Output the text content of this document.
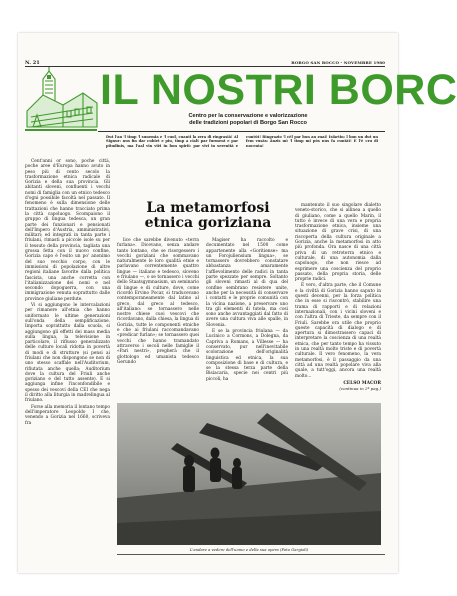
N. 21	BORGO SAN ROCCO - NOVEMBRE 1980
IL NOSTRI BORC
Centro per la conservazione e valorizzazione
delle tradizioni popolari di Borgo San Rocco
Dut l'an 'l timp 'l sunemia e 'l cuol, cuanti la zera di ringrasià! Al Signur: nus fin dar cubiet e piu, timp a cialt par furment e par pitudinis, ma l'aal vin vièi in bon spirit: par vivi in serenità e cuntùt! Ringrazio 'l cèl par bon an zuai! Isiàrtin: l bon un dut un fem vusàs: ânzis mì 'l timp mi pòs nus fa cuntàt! E l'è cru di nocenta!

Cent'anni or sono, poche città, poche aree d'Europa hanno avuto in peso più di cento secolo la trasformazione etnica radicale di Gorizia e della sua provincia. Gli abitanti sloveni, confluenti i vecchi nomi di famiglia con un etnico tedesco d'ogni possibile facoltà nel passato. Il fenomeno è sulla dimensione delle trattazioni che hanno tracciato prima la città capoluogo. Scompaiono il gruppo di lingua tedesca, un gran parte dei funzionari e pensionati dell'Impero d'Austria, amministrativi, militari; ed integrati in tanta parte i friulani, rimasti a piccole isole su per il tessuto della provincia, tagliata una grossa fetta con il nuovo confine, Gorizia capo è l'esito un po' anonimo del suo vecchio corpo, con le immissioni di popolazione di altre regioni italiane favorite dalla politica fascista, una anche corretta con l'italianizzazione dei nomi e nel secondo dopoguerra, con una immigrazione venuta soprattutto dalle province giuliane perdute.

Vi si aggiungono le intercalazioni per rimanere all'etnia che hanno uniformato le ultime generazioni sull'onda della semplificazione. Importa soprattutto dalla scuola, si aggiungono gli effetti dei mass media sulla lingua, la televisione in particolare, il riflusso generalizzato delle culture locali ridotta in povertà di modi e di strutture (si pensi ai friulani che non dispongono se non di uno stesso scaffale nell'Auditorium, rifiutata anche quella; Auditorium dove la cultura del Friuli anche goriziano e del tutto assente). E si aggiunga infine l'inconfondibile e spesso dei vescovi della CEI che nega il diritto alla liturgia in madrelingua al friulano.

Forse alla memoria il lontano tempo dell'imperatore Leopoldo I che, venendo a Gorizia nel 1660, scriveva fra

La metamorfosi etnica goriziana

lice che sarebbe divenuto «terra furlana». Dicevano, senza andare tanto lontano, che se risorgessero i vecchi goriziani che sommavano naturalmente le loro qualità etnie e parlavano correntemente quattro lingue — italiano e tedesco, sloveno e friulano —, o se tornassero i vecchi dello Staatsgymnasium, un seminario di lingue e di culture, dove, come ricordò Ervino Pocar, si traducevano contemporaneamente dal latino al greco, dal greco al tedesco, all'italiano: se tornassero nelle nostre chiese cuoi vescovi che ricordavano, dalla chiesa, la lingua di Gorizia, tutte le componenti etniche e che ai friulani raccomandavano «predicar furlan»; se tornassero quei vecchi che hanno tramandato attraverso i secoli nelle famiglie il «Pari nestri», pregherà che il glottologo ed umanista tedesco Gerundo

Magiser ha raccolto e documentato nel 1500 come appartenente alla «Goritiense» ma un Forojuliensium lingua», se tornassero dovrebbero constatare abbastanza amaramente l'affievolimento delle radici in tanta parte spezzate per sempre. Soltanto gli sloveni rimasti al di qua del confine sembrano resistere unite, anche per la necessità di conservare i contatti e le proprie comunità con la vicina nazione, a preservare uno tra gli elementi di tutela, ma così sono anche avvantaggiati dal fatto di avere una cultura viva alle spalle, in Slovenia.

E se la provincia friulana — da Lucinico a Cormons, a Dolegna, da Capriva a Romans, a Villesse — ha conservato, pur nell'inevitabile scolorazione dell'originalità linguistica ed etnica, la sua composizione di base e di cultura, e se la stessa terza parte della Bisiacaria, specie nei centri più piccoli, ha

mantenuto il suo singolare dialetto veneto-storico, che si allinea a quello di giuliano, come a quello Marin, il tutto è invece di una vera e propria trasformazione etnica, insieme una situazione di grave crisi, di una riscoperta della cultura originale a Gorizia, anche la metamorfosi in atto più profonda. Ora nasce di una città priva di un retroterra etnico e culturale, di una autonomia dalla capoluogo, che non riesce ad esprimere una coscienza del proprio passato, della propria storia, delle proprie radici.

È vero, d'altra parte, che il Comune e la civiltà di Gorizia hanno saputo in questi decenni, per la forza politica che in esse si riscontrò, stabilire una trama di rapporti e di relazioni internazionali, con i vicini sloveni e con l'altra di Trieste, da sempre con il Friuli. Sarebbe ora utile che proprio queste capacità di dialogo e di apertura si dimostrassero capaci di interpretare la coscienza di una realtà etnica, che per tanto tempo ha vissuto in una realtà molto triste e di povertà culturale. Il vero fenomeno, la vera metamorfosi, è il passaggio da una città ad una realtà popolare viva alla quale, a tutt'oggi, ancora una realtà molto...

CELSO MACOR
(continua in 2ª pag.)
L'andare a vedere dell'uomo e della sua opera (Foto Gargioli)
